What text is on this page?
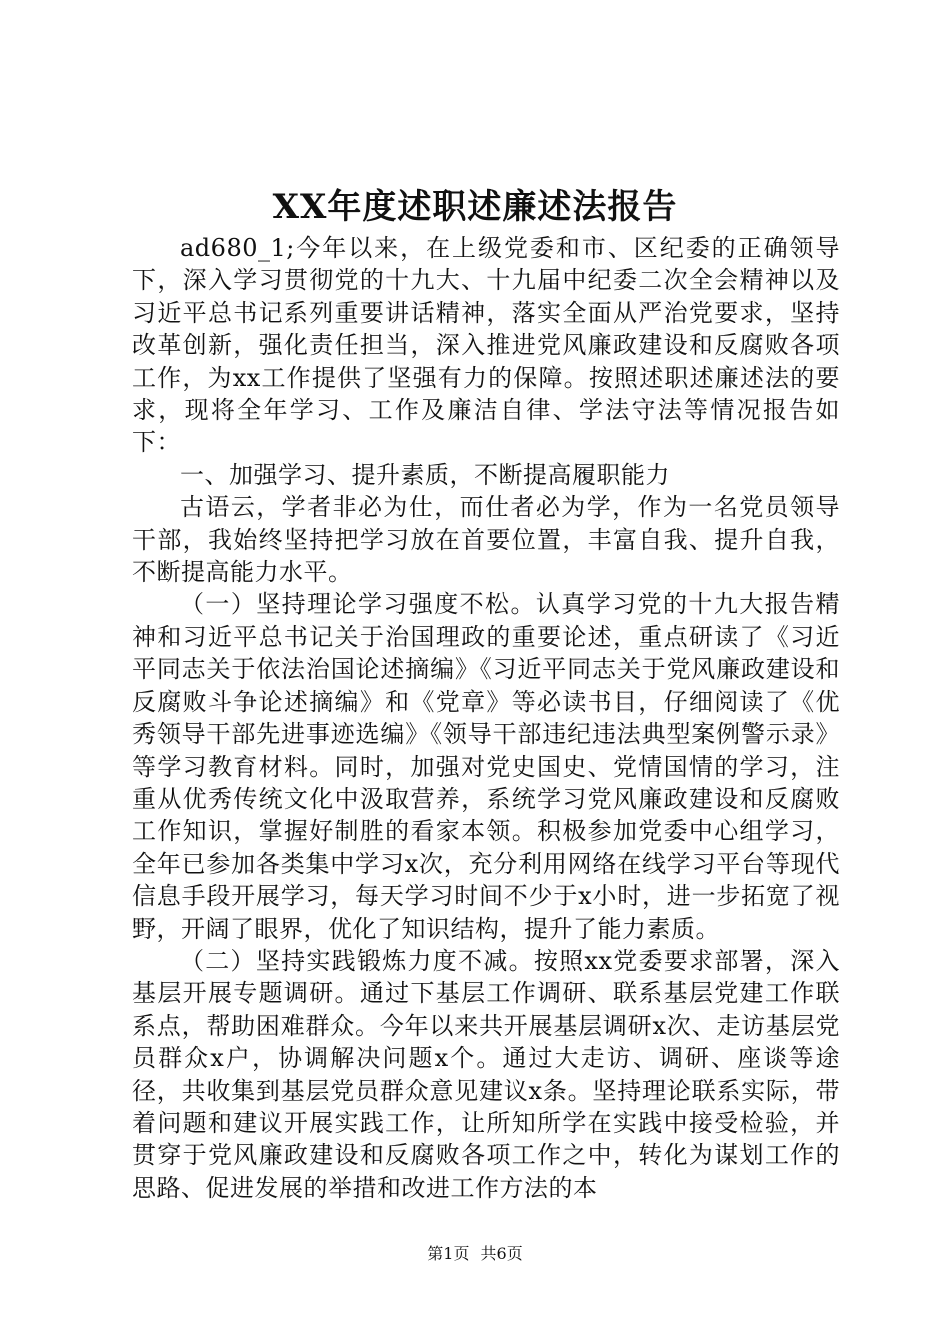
XX年度述职述廉述法报告

ad680_1;今年以来，在上级党委和市、区纪委的正确领导下，深入学习贯彻党的十九大、十九届中纪委二次全会精神以及习近平总书记系列重要讲话精神，落实全面从严治党要求，坚持改革创新，强化责任担当，深入推进党风廉政建设和反腐败各项工作，为xx工作提供了坚强有力的保障。按照述职述廉述法的要求，现将全年学习、工作及廉洁自律、学法守法等情况报告如下：

一、加强学习、提升素质，不断提高履职能力

古语云，学者非必为仕，而仕者必为学，作为一名党员领导干部，我始终坚持把学习放在首要位置，丰富自我、提升自我，不断提高能力水平。

（一）坚持理论学习强度不松。认真学习党的十九大报告精神和习近平总书记关于治国理政的重要论述，重点研读了《习近平同志关于依法治国论述摘编》《习近平同志关于党风廉政建设和反腐败斗争论述摘编》和《党章》等必读书目，仔细阅读了《优秀领导干部先进事迹选编》《领导干部违纪违法典型案例警示录》等学习教育材料。同时，加强对党史国史、党情国情的学习，注重从优秀传统文化中汲取营养，系统学习党风廉政建设和反腐败工作知识，掌握好制胜的看家本领。积极参加党委中心组学习，全年已参加各类集中学习x次，充分利用网络在线学习平台等现代信息手段开展学习，每天学习时间不少于x小时，进一步拓宽了视野，开阔了眼界，优化了知识结构，提升了能力素质。

（二）坚持实践锻炼力度不减。按照xx党委要求部署，深入基层开展专题调研。通过下基层工作调研、联系基层党建工作联系点，帮助困难群众。今年以来共开展基层调研x次、走访基层党员群众x户，协调解决问题x个。通过大走访、调研、座谈等途径，共收集到基层党员群众意见建议x条。坚持理论联系实际，带着问题和建议开展实践工作，让所知所学在实践中接受检验，并贯穿于党风廉政建设和反腐败各项工作之中，转化为谋划工作的思路、促进发展的举措和改进工作方法的本

第1页 共6页
